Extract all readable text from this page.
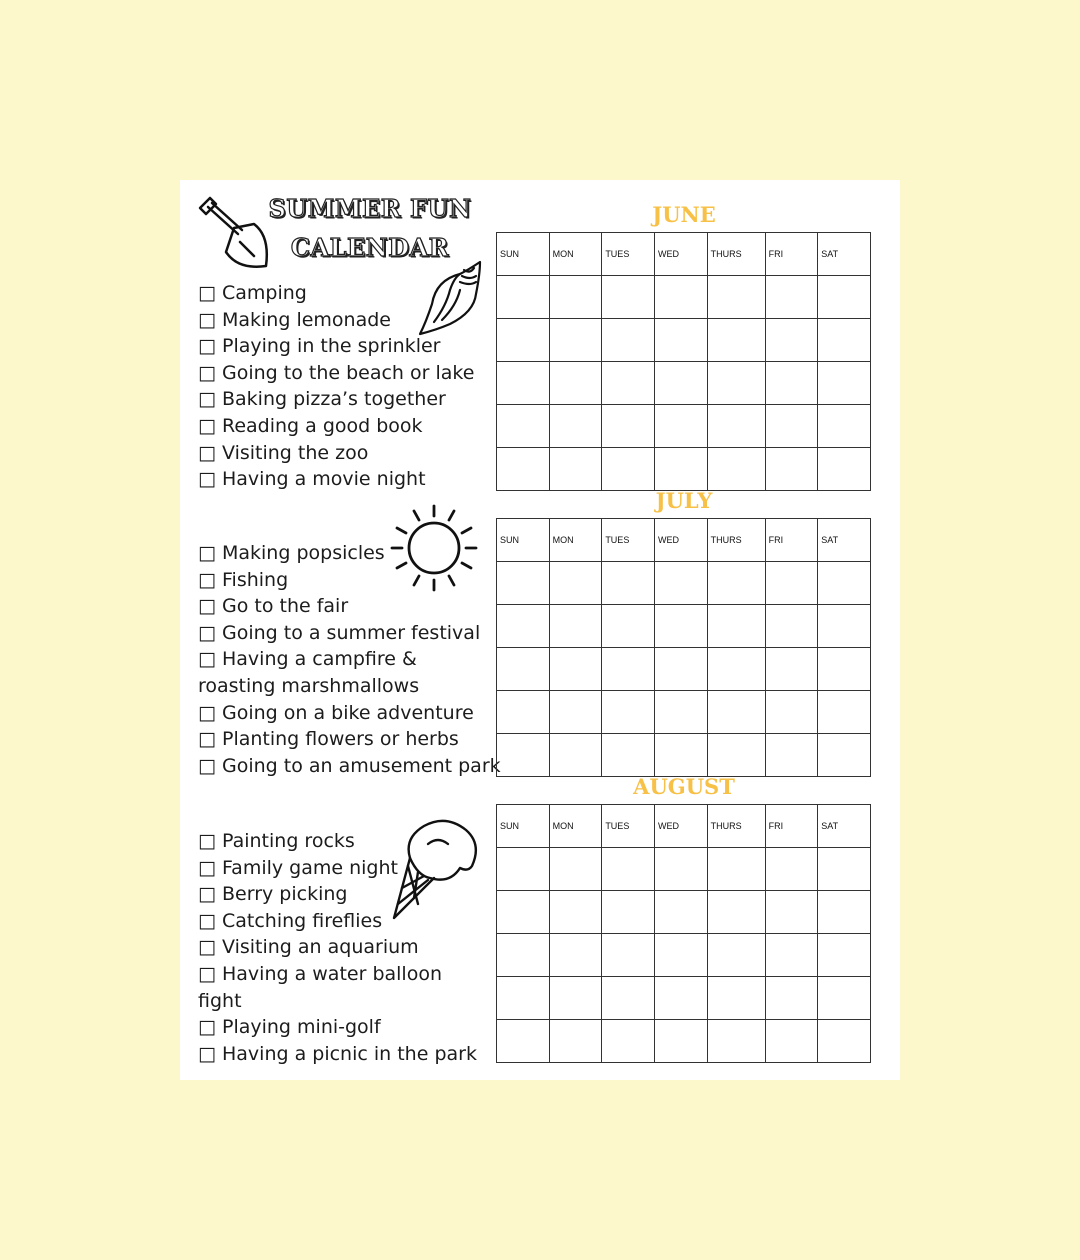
SUMMER FUN
CALENDAR
□ Camping
□ Making lemonade
□ Playing in the sprinkler
□ Going to the beach or lake
□ Baking pizza’s together
□ Reading a good book
□ Visiting the zoo
□ Having a movie night
□ Making popsicles
□ Fishing
□ Go to the fair
□ Going to a summer festival
□ Having a campfire &
roasting marshmallows
□ Going on a bike adventure
□ Planting flowers or herbs
□ Going to an amusement park
□ Painting rocks
□ Family game night
□ Berry picking
□ Catching fireflies
□ Visiting an aquarium
□ Having a water balloon
fight
□ Playing mini-golf
□ Having a picnic in the park
JUNE
SUN	MON	TUES	WED	THURS	FRI	SAT

JULY
SUN	MON	TUES	WED	THURS	FRI	SAT

AUGUST
SUN	MON	TUES	WED	THURS	FRI	SAT
